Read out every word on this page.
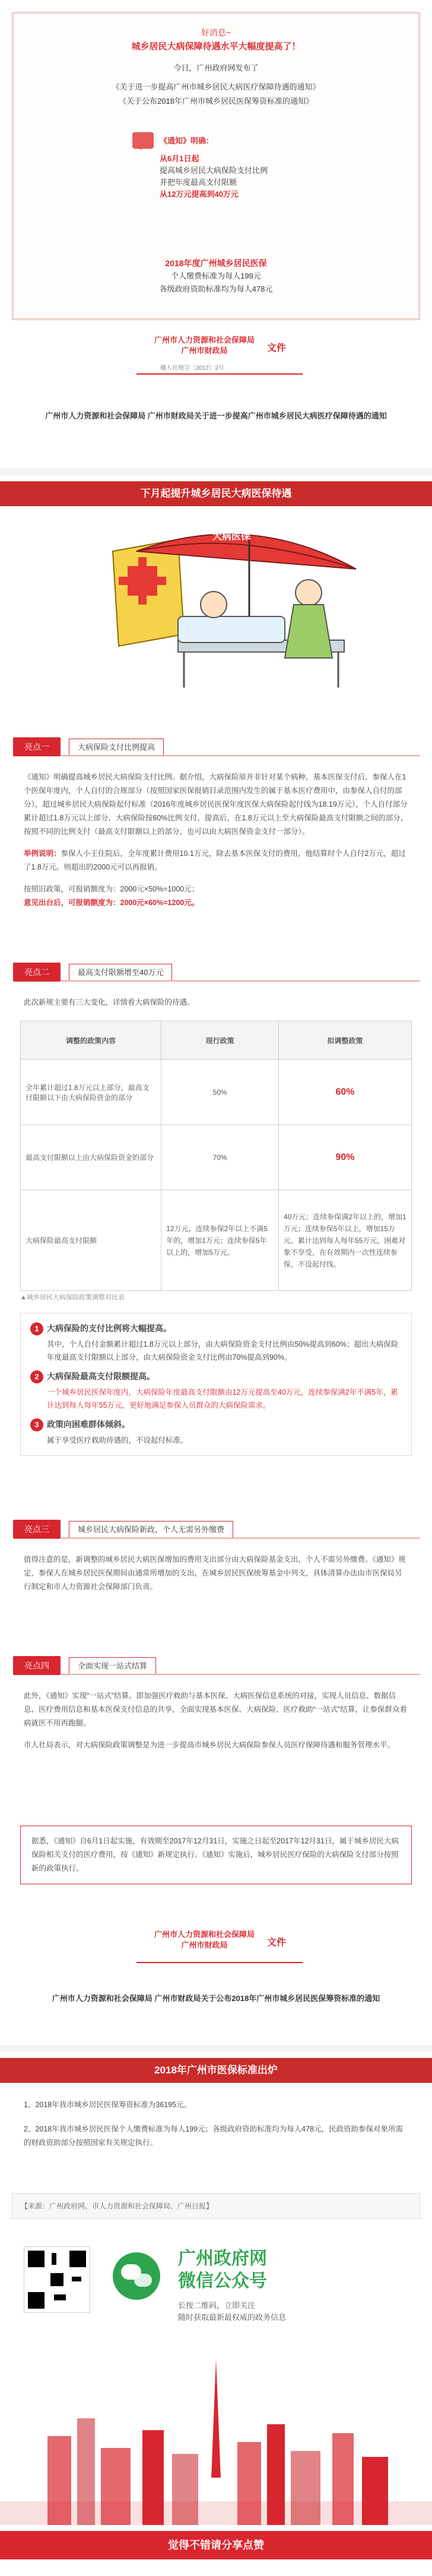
好消息~

城乡居民大病保障待遇水平大幅度提高了！

今日，广州政府网发布了

《关于进一步提高广州市城乡居民大病医疗保障待遇的通知》

《关于公布2018年广州市城乡居民医保筹资标准的通知》

《通知》明确：
从6月1日起
提高城乡居民大病保险支付比例
并把年度最高支付限额
从12万元提高到40万元

2018年度广州城乡居民医保

个人缴费标准为每人199元

各级政府资助标准均为每人478元

广州市人力资源和社会保障局
广州市财政局	文件
穗人社规字〔2017〕2号
广州市人力资源和社会保障局 广州市财政局关于进一步提高广州市城乡居民大病医疗保障待遇的通知
下月起提升城乡居民大病医保待遇
大病医保
亮点一	大病保险支付比例提高

《通知》明确提高城乡居民大病保险支付比例。据介绍，大病保险原并非针对某个病种，基本医保支付后，参保人在1个医保年度内，个人自付的合规部分（按照国家医保报销目录范围内发生的属于基本医疗费用中，由参保人自付的部分），超过城乡居民大病保险起付标准（2016年度城乡居民医保年度医保大病保险起付线为18.19万元），个人自付部分累计超过1.8万元以上部分，大病保险按60%比例支付。提高后，在1.8万元以上至大病保险最高支付限额之间的部分，按照不同的比例支付（最高支付限额以上的部分，也可以由大病医保资金支付一部分）。

举例说明：参保人小王住院后，全年度累计费用10.1万元，除去基本医保支付的费用，他结算时个人自付2万元，超过了1.8万元。则超出的2000元可以再报销。

按照旧政策，可报销额度为：2000元×50%=1000元；

意见出台后，可报销额度为：2000元×60%=1200元。

亮点二	最高支付限额增至40万元
此次新规主要有三大变化，详情看大病保险的待遇。
调整的政策内容	现行政策	拟调整政策
全年累计超过1.8万元以上部分，最高支付限额以下由大病保险资金的部分	50%	60%
最高支付限额以上由大病保险资金的部分	70%	90%
大病保险最高支付限额	12万元，连续参保2年以上不满5年的，增加1万元；连续参保5年以上的，增加5万元。	40万元；连续参保满2年以上的，增加1万元；连续参保5年以上，增加15万元，累计达到每人每年55万元，困难对象不享受，在有效期内一次性连续参保，不设起付线。
▲城乡居民大病保险政策调整对比表

1 大病保险的支付比例将大幅提高。

其中，个人自付金额累计超过1.8万元以上部分，由大病保险资金支付比例由50%提高到60%；超出大病保险年度最高支付限额以上部分，由大病保险资金支付比例由70%提高到90%。

2 大病保险最高支付限额提高。

一个城乡居民医保年度内，大病保险年度最高支付限额由12万元提高至40万元，连续参保满2年不满5年，累计达到每人每年55万元，更好地满足参保人员群众的大病保险需求。

3 政策向困难群体倾斜。

属于享受医疗救助待遇的，不设起付标准。

亮点三	城乡居民大病保险新政，个人无需另外缴费
值得注意的是，新调整的城乡居民大病医保增加的费用支出部分由大病保险基金支出，个人不需另外缴费。《通知》规定，参保人在城乡居民医保期间由通常所增加的支出，在城乡居民医保统筹基金中列支，具体清算办法由市医保局另行制定和市人力资源社会保障部门负责。
亮点四	全面实现一站式结算

此外，《通知》实现“一站式”结算。即加强医疗救助与基本医保、大病医保信息系统的对接，实现人员信息、数据信息、医疗费用信息和基本医保支付信息的共享，全面实现基本医保、大病保险、医疗救助“一站式”结算，让参保群众看病就医不用再跑腿。

市人社局表示，对大病保险政策调整是为进一步提高市城乡居民大病保险参保人员医疗保障待遇和服务管理水平。

据悉，《通知》自6月1日起实施，有效期至2017年12月31日，实施之日起至2017年12月31日，属于城乡居民大病保险相关支付的医疗费用，按《通知》新规定执行。《通知》实施后，城乡居民医疗保险的大病保险支付部分按照新的政策执行。
广州市人力资源和社会保障局
广州市财政局	文件
广州市人力资源和社会保障局 广州市财政局关于公布2018年广州市城乡居民医保筹资标准的通知
2018年广州市医保标准出炉

1、2018年我市城乡居民医保筹资标准为36195元。

2、2018年我市城乡居民医保个人缴费标准为每人199元；各级政府资助标准均为每人478元，民政资助参保对象所需的财政资助部分按照国家有关规定执行。

【来源：广州政府网、市人力资源和社会保障局、广州日报】
广州政府网
微信公众号
长按二维码，立即关注
随时获取最新最权威的政务信息
觉得不错请分享点赞
